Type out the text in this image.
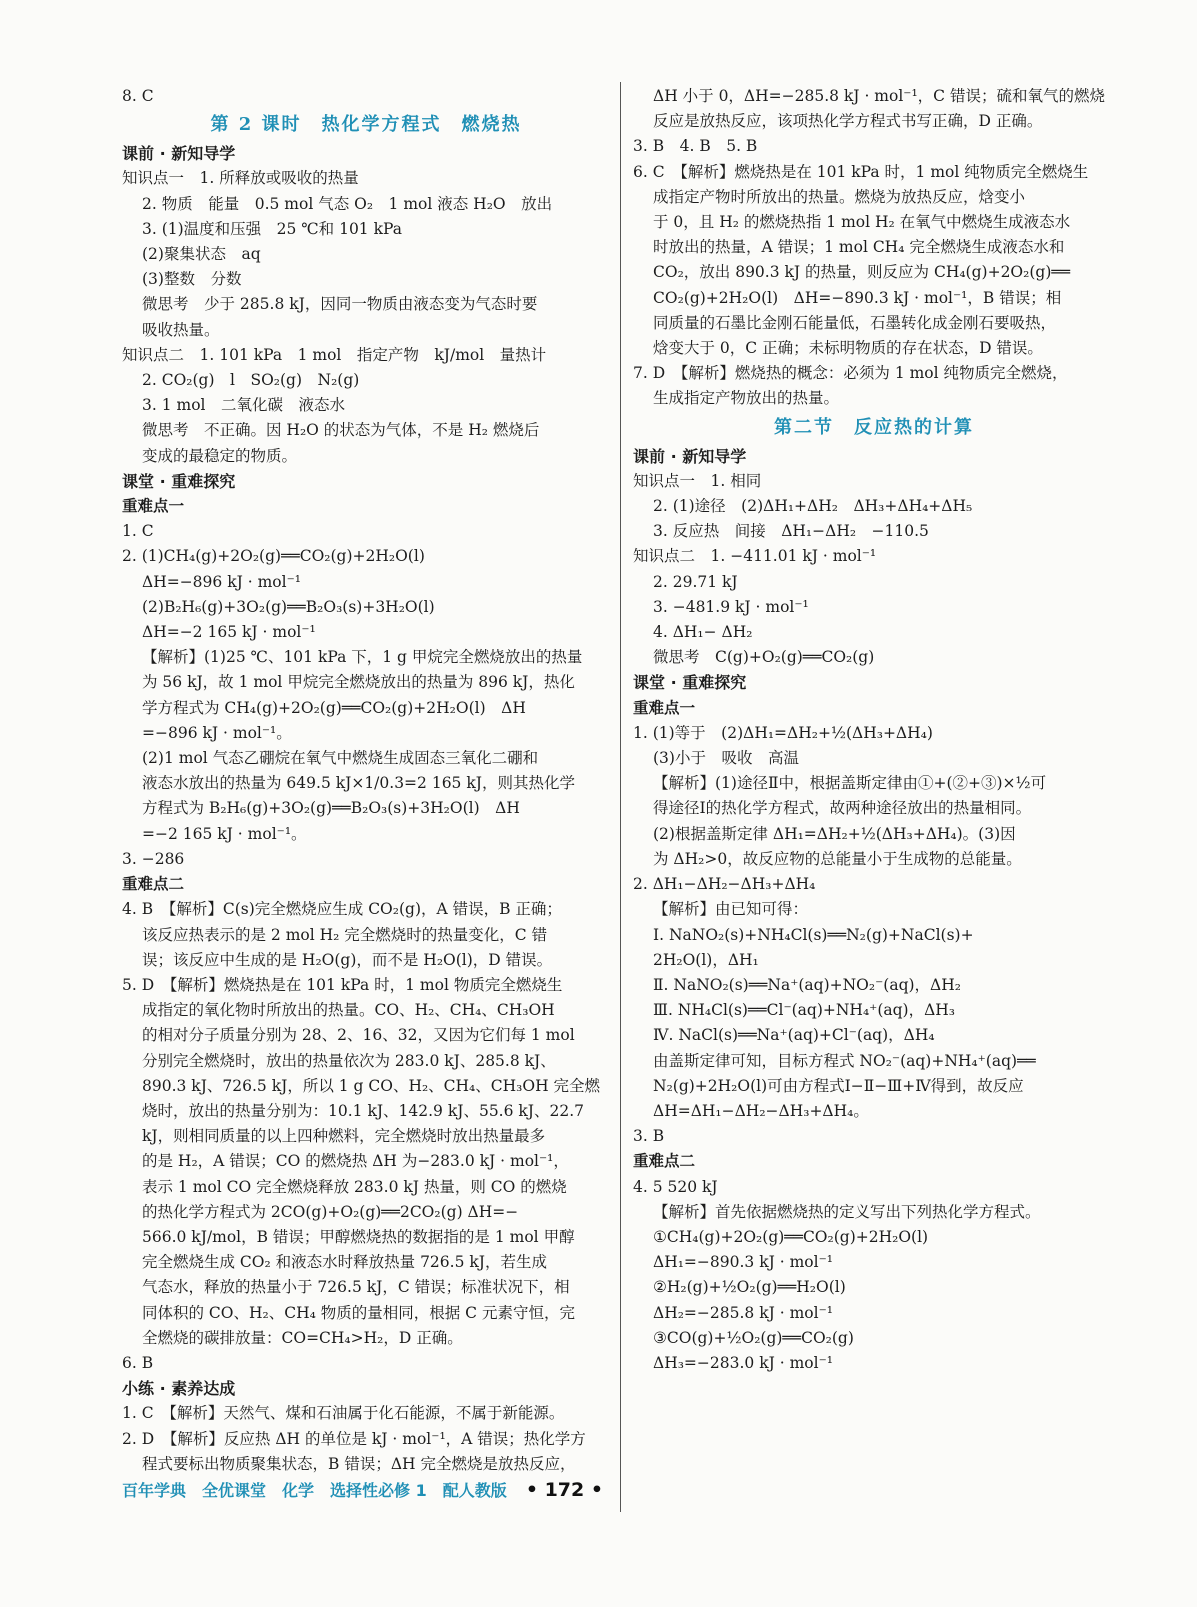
8. C
第 2 课时　热化学方程式　燃烧热
课前 · 新知导学
知识点一　1. 所释放或吸收的热量
2. 物质　能量　0.5 mol 气态 O₂　1 mol 液态 H₂O　放出
3. (1)温度和压强　25 ℃和 101 kPa
(2)聚集状态　aq
(3)整数　分数
微思考　少于 285.8 kJ，因同一物质由液态变为气态时要
吸收热量。
知识点二　1. 101 kPa　1 mol　指定产物　kJ/mol　量热计
2. CO₂(g)　l　SO₂(g)　N₂(g)
3. 1 mol　二氧化碳　液态水
微思考　不正确。因 H₂O 的状态为气体，不是 H₂ 燃烧后
变成的最稳定的物质。
课堂 · 重难探究
重难点一
1. C
2. (1)CH₄(g)+2O₂(g)══CO₂(g)+2H₂O(l)
ΔH=−896 kJ · mol⁻¹
(2)B₂H₆(g)+3O₂(g)══B₂O₃(s)+3H₂O(l)
ΔH=−2 165 kJ · mol⁻¹
【解析】(1)25 ℃、101 kPa 下，1 g 甲烷完全燃烧放出的热量
为 56 kJ，故 1 mol 甲烷完全燃烧放出的热量为 896 kJ，热化
学方程式为 CH₄(g)+2O₂(g)══CO₂(g)+2H₂O(l)　ΔH
=−896 kJ · mol⁻¹。
(2)1 mol 气态乙硼烷在氧气中燃烧生成固态三氧化二硼和
液态水放出的热量为 649.5 kJ×1/0.3=2 165 kJ，则其热化学
方程式为 B₂H₆(g)+3O₂(g)══B₂O₃(s)+3H₂O(l)　ΔH
=−2 165 kJ · mol⁻¹。
3. −286
重难点二
4. B　【解析】C(s)完全燃烧应生成 CO₂(g)，A 错误，B 正确；
该反应热表示的是 2 mol H₂ 完全燃烧时的热量变化，C 错
误；该反应中生成的是 H₂O(g)，而不是 H₂O(l)，D 错误。
5. D　【解析】燃烧热是在 101 kPa 时，1 mol 物质完全燃烧生
成指定的氧化物时所放出的热量。CO、H₂、CH₄、CH₃OH
的相对分子质量分别为 28、2、16、32，又因为它们每 1 mol
分别完全燃烧时，放出的热量依次为 283.0 kJ、285.8 kJ、
890.3 kJ、726.5 kJ，所以 1 g CO、H₂、CH₄、CH₃OH 完全燃
烧时，放出的热量分别为：10.1 kJ、142.9 kJ、55.6 kJ、22.7
kJ，则相同质量的以上四种燃料，完全燃烧时放出热量最多
的是 H₂，A 错误；CO 的燃烧热 ΔH 为−283.0 kJ · mol⁻¹，
表示 1 mol CO 完全燃烧释放 283.0 kJ 热量，则 CO 的燃烧
的热化学方程式为 2CO(g)+O₂(g)══2CO₂(g) ΔH=−
566.0 kJ/mol，B 错误；甲醇燃烧热的数据指的是 1 mol 甲醇
完全燃烧生成 CO₂ 和液态水时释放热量 726.5 kJ，若生成
气态水，释放的热量小于 726.5 kJ，C 错误；标准状况下，相
同体积的 CO、H₂、CH₄ 物质的量相同，根据 C 元素守恒，完
全燃烧的碳排放量：CO=CH₄>H₂，D 正确。
6. B
小练 · 素养达成
1. C　【解析】天然气、煤和石油属于化石能源，不属于新能源。
2. D　【解析】反应热 ΔH 的单位是 kJ · mol⁻¹，A 错误；热化学方
程式要标出物质聚集状态，B 错误；ΔH 完全燃烧是放热反应，
ΔH 小于 0，ΔH=−285.8 kJ · mol⁻¹，C 错误；硫和氧气的燃烧
反应是放热反应，该项热化学方程式书写正确，D 正确。
3. B　4. B　5. B
6. C　【解析】燃烧热是在 101 kPa 时，1 mol 纯物质完全燃烧生
成指定产物时所放出的热量。燃烧为放热反应，焓变小
于 0，且 H₂ 的燃烧热指 1 mol H₂ 在氧气中燃烧生成液态水
时放出的热量，A 错误；1 mol CH₄ 完全燃烧生成液态水和
CO₂，放出 890.3 kJ 的热量，则反应为 CH₄(g)+2O₂(g)══
CO₂(g)+2H₂O(l)　ΔH=−890.3 kJ · mol⁻¹，B 错误；相
同质量的石墨比金刚石能量低，石墨转化成金刚石要吸热，
焓变大于 0，C 正确；未标明物质的存在状态，D 错误。
7. D　【解析】燃烧热的概念：必须为 1 mol 纯物质完全燃烧，
生成指定产物放出的热量。
第二节　反应热的计算
课前 · 新知导学
知识点一　1. 相同
2. (1)途径　(2)ΔH₁+ΔH₂　ΔH₃+ΔH₄+ΔH₅
3. 反应热　间接　ΔH₁−ΔH₂　−110.5
知识点二　1. −411.01 kJ · mol⁻¹
2. 29.71 kJ
3. −481.9 kJ · mol⁻¹
4. ΔH₁− ΔH₂
微思考　C(g)+O₂(g)══CO₂(g)
课堂 · 重难探究
重难点一
1. (1)等于　(2)ΔH₁=ΔH₂+½(ΔH₃+ΔH₄)
(3)小于　吸收　高温
【解析】(1)途径Ⅱ中，根据盖斯定律由①+(②+③)×½可
得途径Ⅰ的热化学方程式，故两种途径放出的热量相同。
(2)根据盖斯定律 ΔH₁=ΔH₂+½(ΔH₃+ΔH₄)。(3)因
为 ΔH₂>0，故反应物的总能量小于生成物的总能量。
2. ΔH₁−ΔH₂−ΔH₃+ΔH₄
【解析】由已知可得：
Ⅰ. NaNO₂(s)+NH₄Cl(s)══N₂(g)+NaCl(s)+
2H₂O(l)，ΔH₁
Ⅱ. NaNO₂(s)══Na⁺(aq)+NO₂⁻(aq)，ΔH₂
Ⅲ. NH₄Cl(s)══Cl⁻(aq)+NH₄⁺(aq)，ΔH₃
Ⅳ. NaCl(s)══Na⁺(aq)+Cl⁻(aq)，ΔH₄
由盖斯定律可知，目标方程式 NO₂⁻(aq)+NH₄⁺(aq)══
N₂(g)+2H₂O(l)可由方程式Ⅰ−Ⅱ−Ⅲ+Ⅳ得到，故反应
ΔH=ΔH₁−ΔH₂−ΔH₃+ΔH₄。
3. B
重难点二
4. 5 520 kJ
【解析】首先依据燃烧热的定义写出下列热化学方程式。
①CH₄(g)+2O₂(g)══CO₂(g)+2H₂O(l)
ΔH₁=−890.3 kJ · mol⁻¹
②H₂(g)+½O₂(g)══H₂O(l)
ΔH₂=−285.8 kJ · mol⁻¹
③CO(g)+½O₂(g)══CO₂(g)
ΔH₃=−283.0 kJ · mol⁻¹
百年学典　全优课堂　化学　选择性必修 1　配人教版 • 172 •
